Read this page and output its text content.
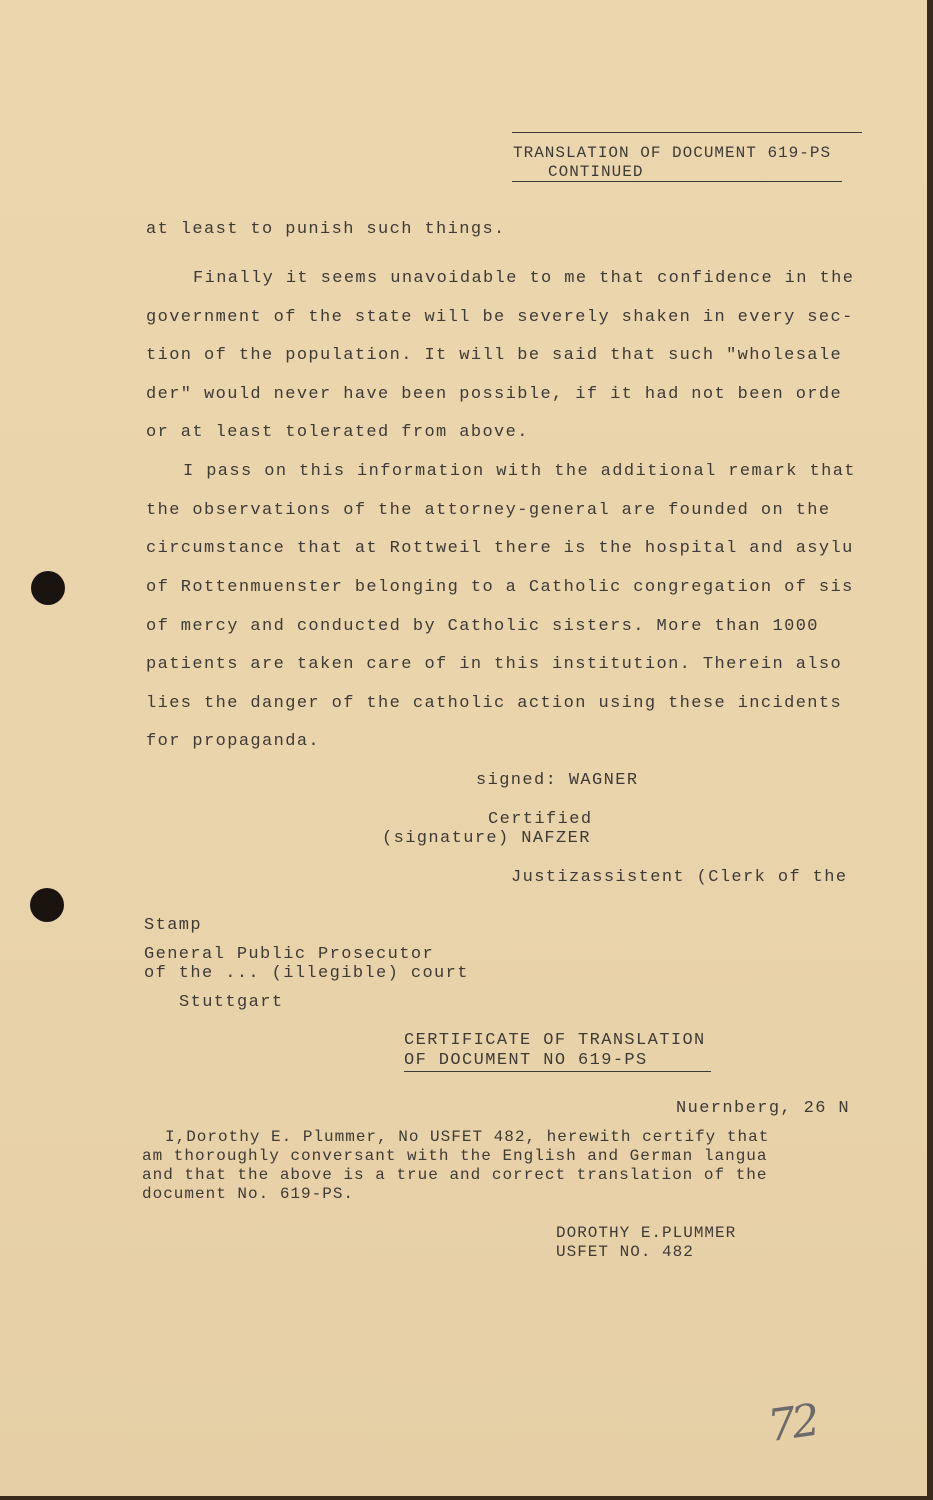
TRANSLATION OF DOCUMENT 619-PS
CONTINUED
at least to punish such things.
Finally it seems unavoidable to me that confidence in the
government of the state will be severely shaken in every sec-
tion of the population. It will be said that such "wholesale
der" would never have been possible, if it had not been orde
or at least tolerated from above.
I pass on this information with the additional remark that
the observations of the attorney-general are founded on the
circumstance that at Rottweil there is the hospital and asylu
of Rottenmuenster belonging to a Catholic congregation of sis
of mercy and conducted by Catholic sisters. More than 1000
patients are taken care of in this institution. Therein also
lies the danger of the catholic action using these incidents
for propaganda.
signed: WAGNER
Certified
(signature) NAFZER
Justizassistent (Clerk of the
Stamp
General Public Prosecutor
of the ... (illegible) court
Stuttgart
CERTIFICATE OF TRANSLATION
OF DOCUMENT NO 619-PS
Nuernberg, 26 N
I,Dorothy E. Plummer, No USFET 482, herewith certify that
am thoroughly conversant with the English and German langua
and that the above is a true and correct translation of the
document No. 619-PS.
DOROTHY E.PLUMMER
USFET NO. 482
72
